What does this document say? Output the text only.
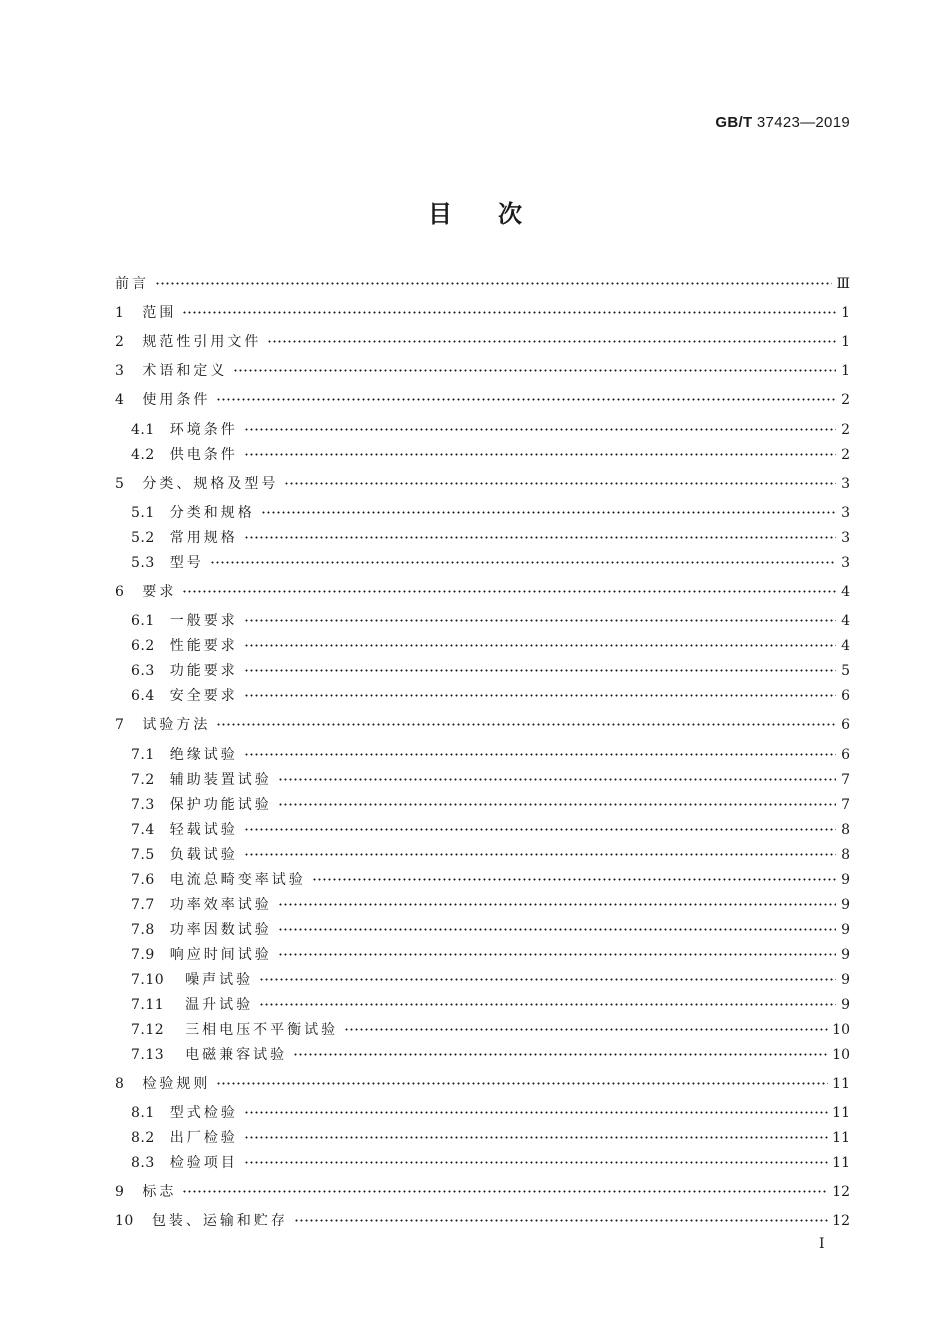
GB/T 37423—2019
目次
前言	Ⅲ
1 范围	1
2 规范性引用文件	1
3 术语和定义	1
4 使用条件	2
4.1 环境条件	2
4.2 供电条件	2
5 分类、规格及型号	3
5.1 分类和规格	3
5.2 常用规格	3
5.3 型号	3
6 要求	4
6.1 一般要求	4
6.2 性能要求	4
6.3 功能要求	5
6.4 安全要求	6
7 试验方法	6
7.1 绝缘试验	6
7.2 辅助装置试验	7
7.3 保护功能试验	7
7.4 轻载试验	8
7.5 负载试验	8
7.6 电流总畸变率试验	9
7.7 功率效率试验	9
7.8 功率因数试验	9
7.9 响应时间试验	9
7.10 噪声试验	9
7.11 温升试验	9
7.12 三相电压不平衡试验	10
7.13 电磁兼容试验	10
8 检验规则	11
8.1 型式检验	11
8.2 出厂检验	11
8.3 检验项目	11
9 标志	12
10 包装、运输和贮存	12
I
